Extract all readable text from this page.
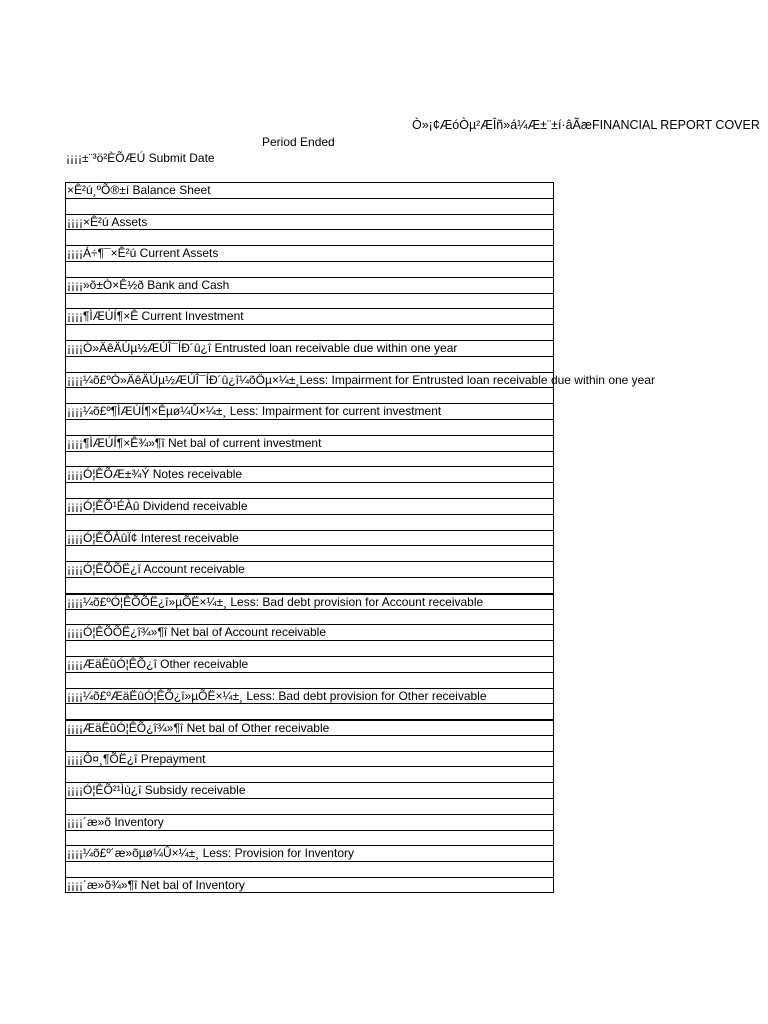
Ò»¡¢ÆóÒµ²ÆÎñ»á¼Æ±¨±í·âÃæFINANCIAL REPORT COVER
Period Ended
¡¡¡¡±¨³ö²ÈÕÆÚ Submit Date
×Ê²ú¸ºÕ®±í Balance Sheet
¡¡¡¡×Ê²ú Assets
¡¡¡¡Á÷¶¯×Ê²ú Current Assets
¡¡¡¡»õ±Ò×Ê½ð Bank and Cash
¡¡¡¡¶ÌÆÚÍ¶×Ê Current Investment
¡¡¡¡Ò»ÄêÄÚµ½ÆÚÎ¯ÍÐ´û¿î Entrusted loan receivable due within one year
¡¡¡¡¼õ£ºÒ»ÄêÄÚµ½ÆÚÎ¯ÍÐ´û¿î¼õÖµ×¼±¸Less: Impairment for Entrusted loan receivable due within one year
¡¡¡¡¼õ£º¶ÌÆÚÍ¶×Êµø¼Û×¼±¸ Less: Impairment for current investment
¡¡¡¡¶ÌÆÚÍ¶×Ê¾»¶î Net bal of current investment
¡¡¡¡Ó¦ÊÕÆ±¾Ý Notes receivable
¡¡¡¡Ó¦ÊÕ¹ÉÀû Dividend receivable
¡¡¡¡Ó¦ÊÕÀûÏ¢ Interest receivable
¡¡¡¡Ó¦ÊÕÕË¿î Account receivable
¡¡¡¡¼õ£ºÓ¦ÊÕÕË¿î»µÕË×¼±¸ Less: Bad debt provision for Account receivable
¡¡¡¡Ó¦ÊÕÕË¿î¾»¶î Net bal of Account receivable
¡¡¡¡ÆäËûÓ¦ÊÕ¿î Other receivable
¡¡¡¡¼õ£ºÆäËûÓ¦ÊÕ¿î»µÕË×¼±¸ Less: Bad debt provision for Other receivable
¡¡¡¡ÆäËûÓ¦ÊÕ¿î¾»¶î Net bal of Other receivable
¡¡¡¡Ô¤¸¶ÕË¿î Prepayment
¡¡¡¡Ó¦ÊÕ²¹Ìù¿î Subsidy receivable
¡¡¡¡´æ»õ Inventory
¡¡¡¡¼õ£º´æ»õµø¼Û×¼±¸ Less: Provision for Inventory
¡¡¡¡´æ»õ¾»¶î Net bal of Inventory
